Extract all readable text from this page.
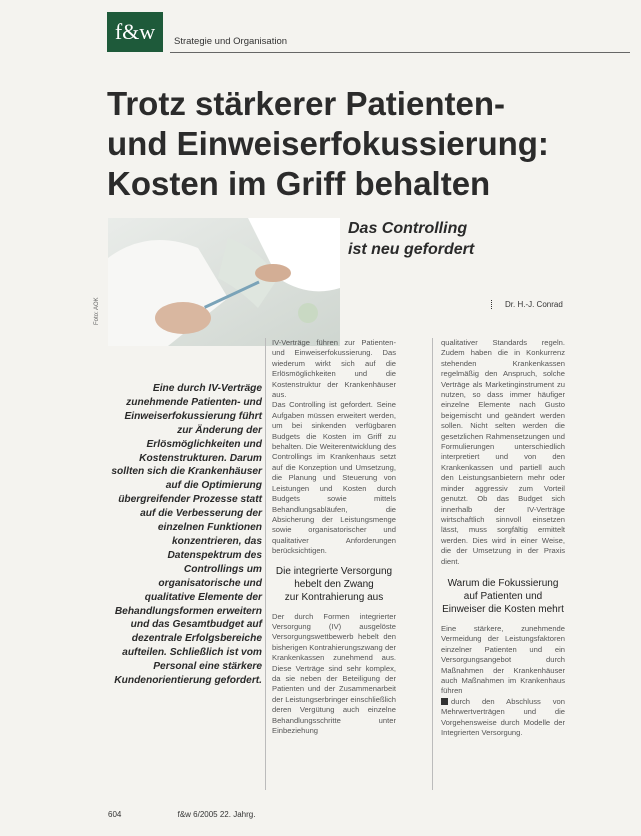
f&w	Strategie und Organisation
Trotz stärkerer Patienten-
und Einweiserfokussierung:
Kosten im Griff behalten
Foto: AOK
Das Controlling
ist neu gefordert
Dr. H.-J. Conrad

Eine durch IV-Verträge zunehmende Patienten- und Einweiserfokussierung führt zur Änderung der Erlösmöglichkeiten und Kostenstrukturen. Darum sollten sich die Krankenhäuser auf die Optimierung übergreifender Prozesse statt auf die Verbesserung der einzelnen Funktionen konzentrieren, das Datenspektrum des Controllings um organisatorische und qualitative Elemente der Behandlungsformen erweitern und das Gesamtbudget auf dezentrale Erfolgsbereiche aufteilen. Schließlich ist vom Personal eine stärkere Kundenorientierung gefordert.

IV-Verträge führen zur Patienten- und Einweiserfokussierung. Das wiederum wirkt sich auf die Erlösmöglichkeiten und die Kostenstruktur der Krankenhäuser aus.

Das Controlling ist gefordert. Seine Aufgaben müssen erweitert werden, um bei sinkenden verfügbaren Budgets die Kosten im Griff zu behalten. Die Weiterentwicklung des Controllings im Krankenhaus setzt auf die Konzeption und Umsetzung, die Planung und Steuerung von Leistungen und Kosten durch Budgets sowie mittels Behandlungsabläufen, die Absicherung der Leistungsmenge sowie organisatorischer und qualitativer Anforderungen berücksichtigen.

Die integrierte Versorgung
hebelt den Zwang
zur Kontrahierung aus

Der durch Formen integrierter Versorgung (IV) ausgelöste Versorgungswettbewerb hebelt den bisherigen Kontrahierungszwang der Krankenkassen zunehmend aus. Diese Verträge sind sehr komplex, da sie neben der Beteiligung der Patienten und der Zusammenarbeit der Leistungserbringer einschließlich deren Vergütung auch einzelne Behandlungsschritte unter Einbeziehung

qualitativer Standards regeln. Zudem haben die in Konkurrenz stehenden Krankenkassen regelmäßig den Anspruch, solche Verträge als Marketinginstrument zu nutzen, so dass immer häufiger einzelne Elemente nach Gusto beigemischt und geändert werden sollen. Nicht selten werden die gesetzlichen Rahmensetzungen und Formulierungen unterschiedlich interpretiert und von den Krankenkassen und partiell auch den Leistungsanbietern mehr oder minder aggressiv zum Vorteil genutzt. Ob das Budget sich innerhalb der IV-Verträge wirtschaftlich sinnvoll einsetzen lässt, muss sorgfältig ermittelt werden. Dies wird in einer Weise, die der Umsetzung in der Praxis dient.

Warum die Fokussierung
auf Patienten und
Einweiser die Kosten mehrt

Eine stärkere, zunehmende Vermeidung der Leistungsfaktoren einzelner Patienten und ein Versorgungsangebot durch Maßnahmen der Krankenhäuser auch Maßnahmen im Krankenhaus führen

durch den Abschluss von Mehrwertverträgen und die Vorgehensweise durch Modelle der Integrierten Versorgung.

604	f&w 6/2005 22. Jahrg.
